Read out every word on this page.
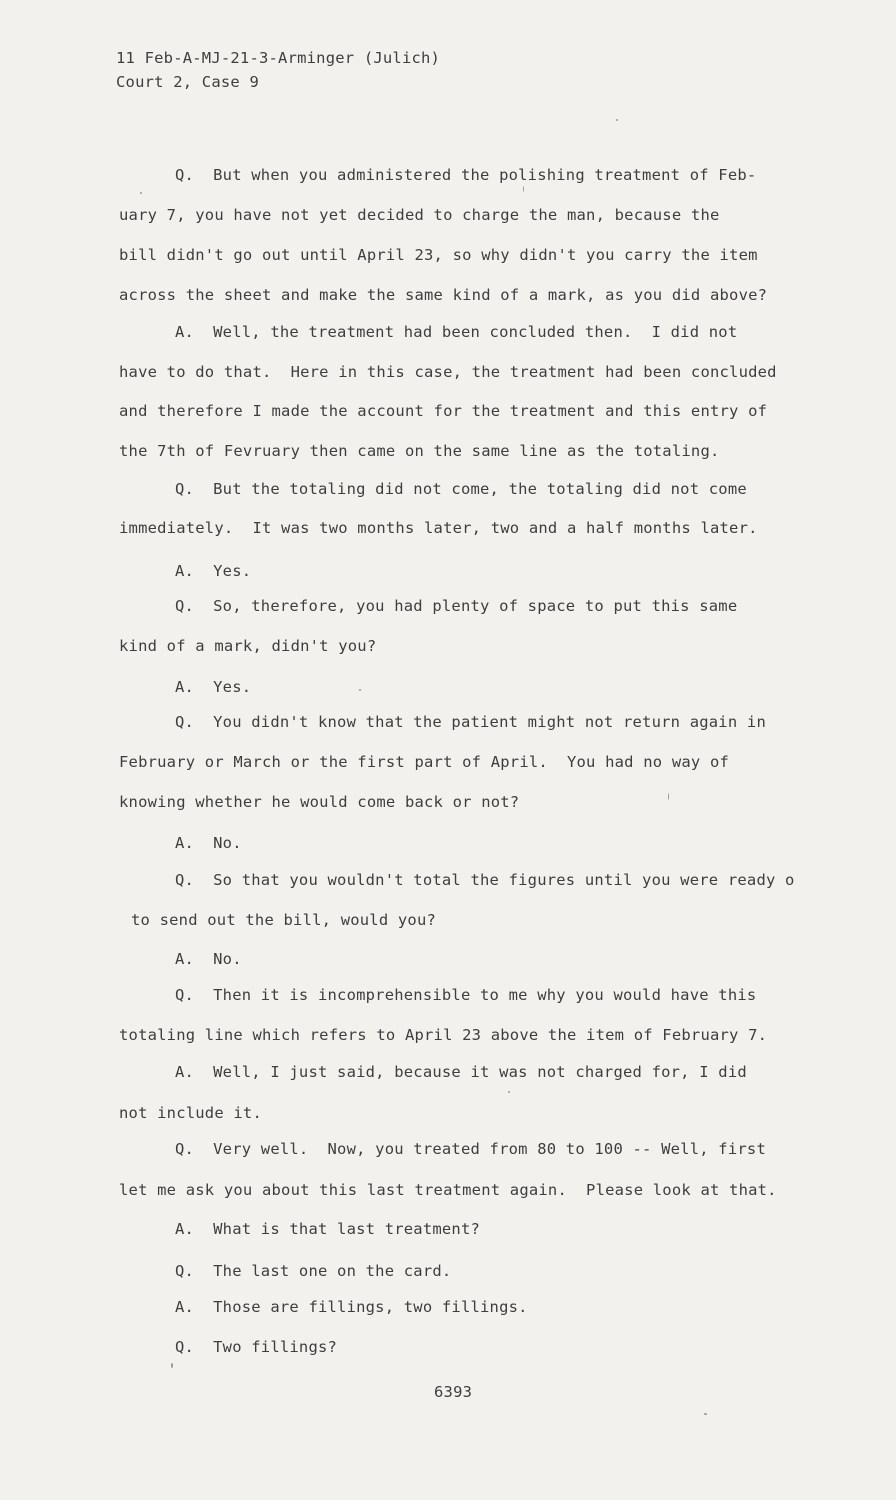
11 Feb-A-MJ-21-3-Arminger (Julich)
Court 2, Case 9
Q.  But when you administered the polishing treatment of Feb-
uary 7, you have not yet decided to charge the man, because the
bill didn't go out until April 23, so why didn't you carry the item
across the sheet and make the same kind of a mark, as you did above?
A.  Well, the treatment had been concluded then.  I did not
have to do that.  Here in this case, the treatment had been concluded
and therefore I made the account for the treatment and this entry of
the 7th of Fevruary then came on the same line as the totaling.
Q.  But the totaling did not come, the totaling did not come
immediately.  It was two months later, two and a half months later.
A.  Yes.
Q.  So, therefore, you had plenty of space to put this same
kind of a mark, didn't you?
A.  Yes.
Q.  You didn't know that the patient might not return again in
February or March or the first part of April.  You had no way of
knowing whether he would come back or not?
A.  No.
Q.  So that you wouldn't total the figures until you were ready o
to send out the bill, would you?
A.  No.
Q.  Then it is incomprehensible to me why you would have this
totaling line which refers to April 23 above the item of February 7.
A.  Well, I just said, because it was not charged for, I did
not include it.
Q.  Very well.  Now, you treated from 80 to 100 -- Well, first
let me ask you about this last treatment again.  Please look at that.
A.  What is that last treatment?
Q.  The last one on the card.
A.  Those are fillings, two fillings.
Q.  Two fillings?
6393
